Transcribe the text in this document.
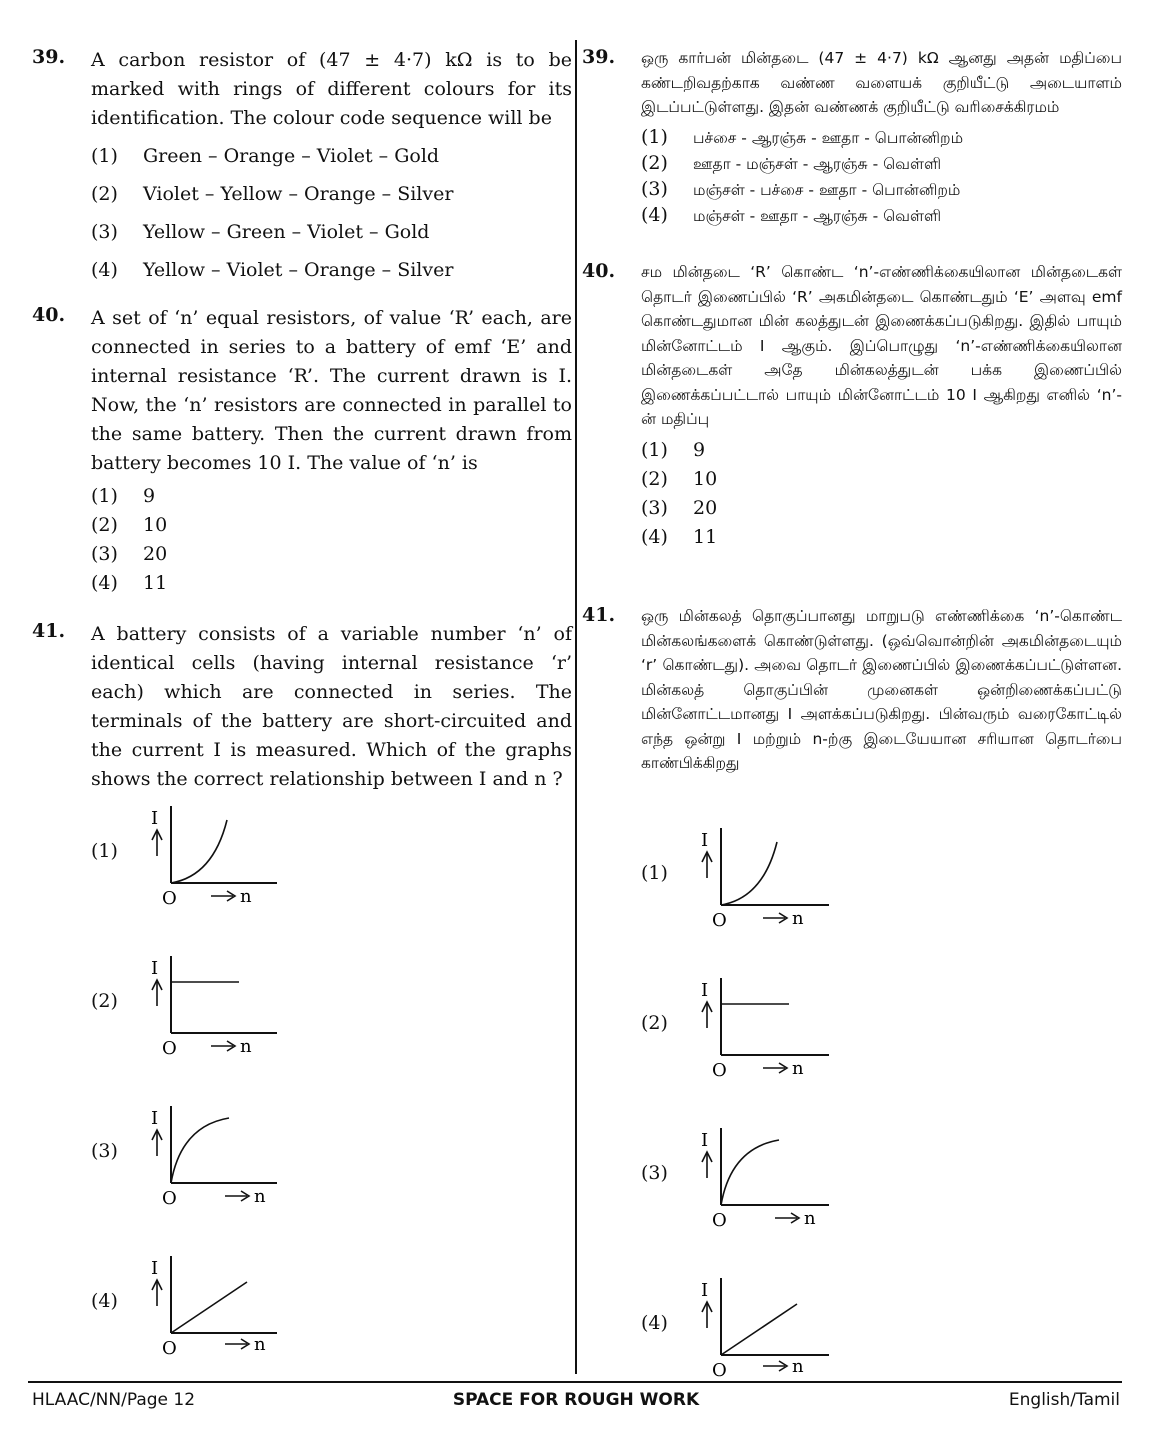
39. A carbon resistor of (47 ± 4·7) kΩ is to be marked with rings of different colours for its identification. The colour code sequence will be
(1) Green – Orange – Violet – Gold
(2) Violet – Yellow – Orange – Silver
(3) Yellow – Green – Violet – Gold
(4) Yellow – Violet – Orange – Silver
40. A set of ‘n’ equal resistors, of value ‘R’ each, are connected in series to a battery of emf ‘E’ and internal resistance ‘R’. The current drawn is I. Now, the ‘n’ resistors are connected in parallel to the same battery. Then the current drawn from battery becomes 10 I. The value of ‘n’ is
(1) 9
(2) 10
(3) 20
(4) 11
41. A battery consists of a variable number ‘n’ of identical cells (having internal resistance ‘r’ each) which are connected in series. The terminals of the battery are short-circuited and the current I is measured. Which of the graphs shows the correct relationship between I and n ?
(1)
I
O	n
(2)
I
O	n
(3)
I
O	n
(4)
I
O	n
39. ஒரு கார்பன் மின்தடை (47 ± 4·7) kΩ ஆனது அதன் மதிப்பை கண்டறிவதற்காக வண்ண வளையக் குறியீட்டு அடையாளம் இடப்பட்டுள்ளது. இதன் வண்ணக் குறியீட்டு வரிசைக்கிரமம்
(1) பச்சை - ஆரஞ்சு - ஊதா - பொன்னிறம்
(2) ஊதா - மஞ்சள் - ஆரஞ்சு - வெள்ளி
(3) மஞ்சள் - பச்சை - ஊதா - பொன்னிறம்
(4) மஞ்சள் - ஊதா - ஆரஞ்சு - வெள்ளி
40. சம மின்தடை ‘R’ கொண்ட ‘n’-எண்ணிக்கையிலான மின்தடைகள் தொடர் இணைப்பில் ‘R’ அகமின்தடை கொண்டதும் ‘E’ அளவு emf கொண்டதுமான மின் கலத்துடன் இணைக்கப்படுகிறது. இதில் பாயும் மின்னோட்டம் I ஆகும். இப்பொழுது ‘n’-எண்ணிக்கையிலான மின்தடைகள் அதே மின்கலத்துடன் பக்க இணைப்பில் இணைக்கப்பட்டால் பாயும் மின்னோட்டம் 10 I ஆகிறது எனில் ‘n’-ன் மதிப்பு
(1) 9
(2) 10
(3) 20
(4) 11
41. ஒரு மின்கலத் தொகுப்பானது மாறுபடு எண்ணிக்கை ‘n’-கொண்ட மின்கலங்களைக் கொண்டுள்ளது. (ஒவ்வொன்றின் அகமின்தடையும் ‘r’ கொண்டது). அவை தொடர் இணைப்பில் இணைக்கப்பட்டுள்ளன. மின்கலத் தொகுப்பின் முனைகள் ஒன்றிணைக்கப்பட்டு மின்னோட்டமானது I அளக்கப்படுகிறது. பின்வரும் வரைகோட்டில் எந்த ஒன்று I மற்றும் n-ற்கு இடையேயான சரியான தொடர்பை காண்பிக்கிறது
(1)
I
O	n
(2)
I
O	n
(3)
I
O	n
(4)
I
O	n
SPACE FOR ROUGH WORK
HLAAC/NN/Page 12	English/Tamil
